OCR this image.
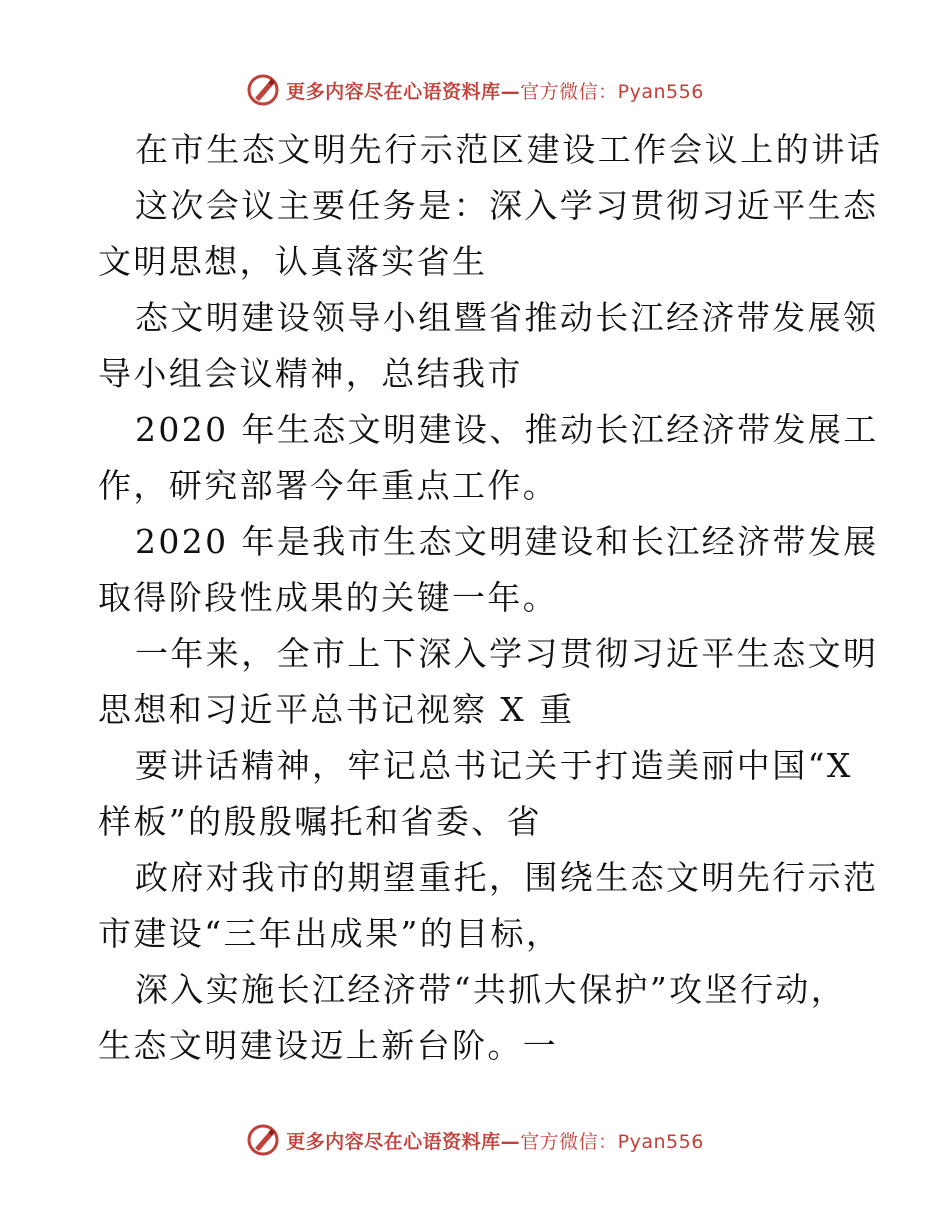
更多内容尽在心语资料库—官方微信：Pyan556
在市生态文明先行示范区建设工作会议上的讲话
这次会议主要任务是：深入学习贯彻习近平生态
文明思想，认真落实省生
态文明建设领导小组暨省推动长江经济带发展领
导小组会议精神，总结我市
2020 年生态文明建设、推动长江经济带发展工
作，研究部署今年重点工作。
2020 年是我市生态文明建设和长江经济带发展
取得阶段性成果的关键一年。
一年来，全市上下深入学习贯彻习近平生态文明
思想和习近平总书记视察 X 重
要讲话精神，牢记总书记关于打造美丽中国“X
样板”的殷殷嘱托和省委、省
政府对我市的期望重托，围绕生态文明先行示范
市建设“三年出成果”的目标，
深入实施长江经济带“共抓大保护”攻坚行动，
生态文明建设迈上新台阶。一
更多内容尽在心语资料库—官方微信：Pyan556
